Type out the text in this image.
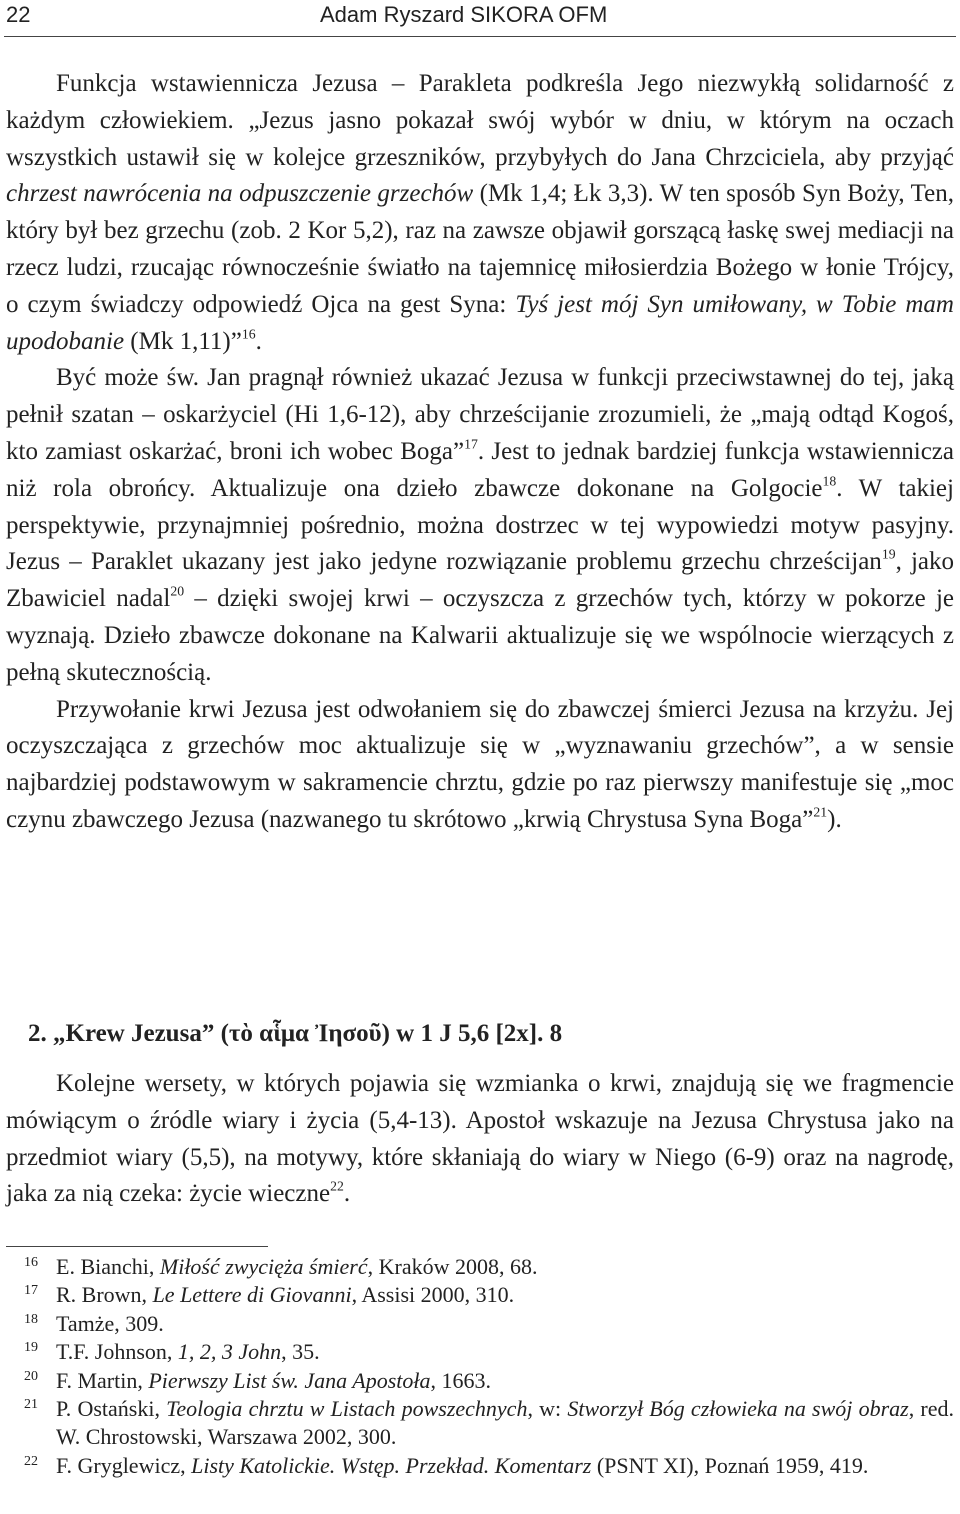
22	Adam Ryszard SIKORA OFM

Funkcja wstawiennicza Jezusa – Parakleta podkreśla Jego niezwykłą solidarność z każdym człowiekiem. „Jezus jasno pokazał swój wybór w dniu, w którym na oczach wszystkich ustawił się w kolejce grzeszników, przybyłych do Jana Chrzciciela, aby przyjąć chrzest nawrócenia na odpuszczenie grzechów (Mk 1,4; Łk 3,3). W ten sposób Syn Boży, Ten, który był bez grzechu (zob. 2 Kor 5,2), raz na zawsze objawił gorszącą łaskę swej mediacji na rzecz ludzi, rzucając równocześnie światło na tajemnicę miłosierdzia Bożego w łonie Trójcy, o czym świadczy odpowiedź Ojca na gest Syna: Tyś jest mój Syn umiłowany, w Tobie mam upodobanie (Mk 1,11)”$^{16}$.

Być może św. Jan pragnął również ukazać Jezusa w funkcji przeciwstawnej do tej, jaką pełnił szatan – oskarżyciel (Hi 1,6-12), aby chrześcijanie zrozumieli, że „mają odtąd Kogoś, kto zamiast oskarżać, broni ich wobec Boga”$^{17}$. Jest to jednak bardziej funkcja wstawiennicza niż rola obrońcy. Aktualizuje ona dzieło zbawcze dokonane na Golgocie$^{18}$. W takiej perspektywie, przynajmniej pośrednio, można dostrzec w tej wypowiedzi motyw pasyjny. Jezus – Paraklet ukazany jest jako jedyne rozwiązanie problemu grzechu chrześcijan$^{19}$, jako Zbawiciel nadal$^{20}$ – dzięki swojej krwi – oczyszcza z grzechów tych, którzy w pokorze je wyznają. Dzieło zbawcze dokonane na Kalwarii aktualizuje się we wspólnocie wierzących z pełną skutecznością.

Przywołanie krwi Jezusa jest odwołaniem się do zbawczej śmierci Jezusa na krzyżu. Jej oczyszczająca z grzechów moc aktualizuje się w „wyznawaniu grzechów”, a w sensie najbardziej podstawowym w sakramencie chrztu, gdzie po raz pierwszy manifestuje się „moc czynu zbawczego Jezusa (nazwanego tu skrótowo „krwią Chrystusa Syna Boga”$^{21}$).

2. „Krew Jezusa” (τὸ αἷμα Ἰησοῦ) w 1 J 5,6 [2x]. 8

Kolejne wersety, w których pojawia się wzmianka o krwi, znajdują się we fragmencie mówiącym o źródle wiary i życia (5,4-13). Apostoł wskazuje na Jezusa Chrystusa jako na przedmiot wiary (5,5), na motywy, które skłaniają do wiary w Niego (6-9) oraz na nagrodę, jaka za nią czeka: życie wieczne$^{22}$.

16 E. Bianchi, Miłość zwycięża śmierć, Kraków 2008, 68.
17 R. Brown, Le Lettere di Giovanni, Assisi 2000, 310.
18 Tamże, 309.
19 T.F. Johnson, 1, 2, 3 John, 35.
20 F. Martin, Pierwszy List św. Jana Apostoła, 1663.
21 P. Ostański, Teologia chrztu w Listach powszechnych, w: Stworzył Bóg człowieka na swój obraz, red. W. Chrostowski, Warszawa 2002, 300.
22 F. Gryglewicz, Listy Katolickie. Wstęp. Przekład. Komentarz (PSNT XI), Poznań 1959, 419.
